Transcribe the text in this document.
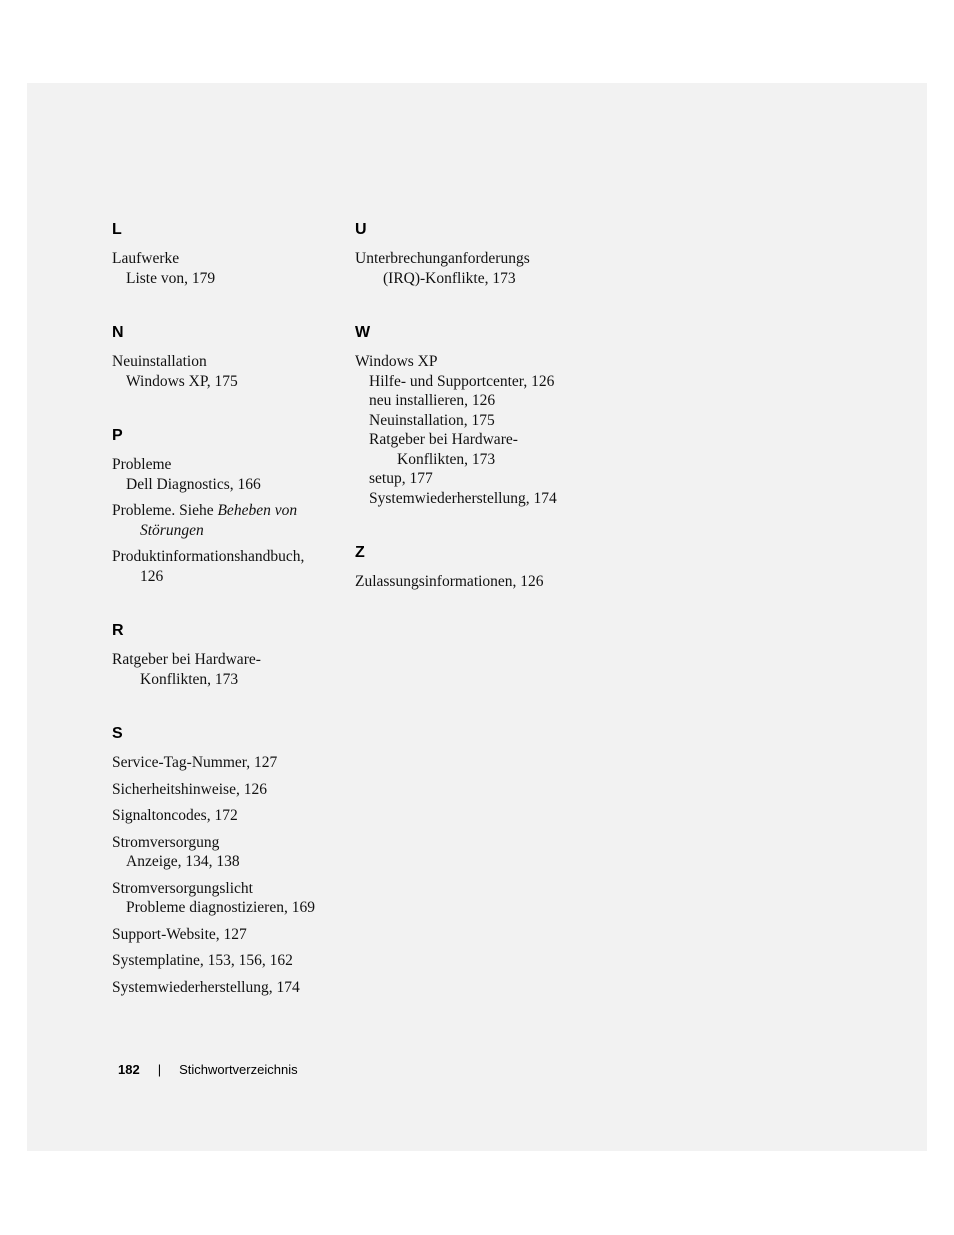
L
Laufwerke
Liste von, 179
N
Neuinstallation
Windows XP, 175
P
Probleme
Dell Diagnostics, 166
Probleme. Siehe Beheben von
Störungen
Produktinformationshandbuch,
126
R
Ratgeber bei Hardware-
Konflikten, 173
S
Service-Tag-Nummer, 127
Sicherheitshinweise, 126
Signaltoncodes, 172
Stromversorgung
Anzeige, 134, 138
Stromversorgungslicht
Probleme diagnostizieren, 169
Support-Website, 127
Systemplatine, 153, 156, 162
Systemwiederherstellung, 174
U
Unterbrechunganforderungs
(IRQ)-Konflikte, 173
W
Windows XP
Hilfe- und Supportcenter, 126
neu installieren, 126
Neuinstallation, 175
Ratgeber bei Hardware-
Konflikten, 173
setup, 177
Systemwiederherstellung, 174
Z
Zulassungsinformationen, 126
182 | Stichwortverzeichnis
